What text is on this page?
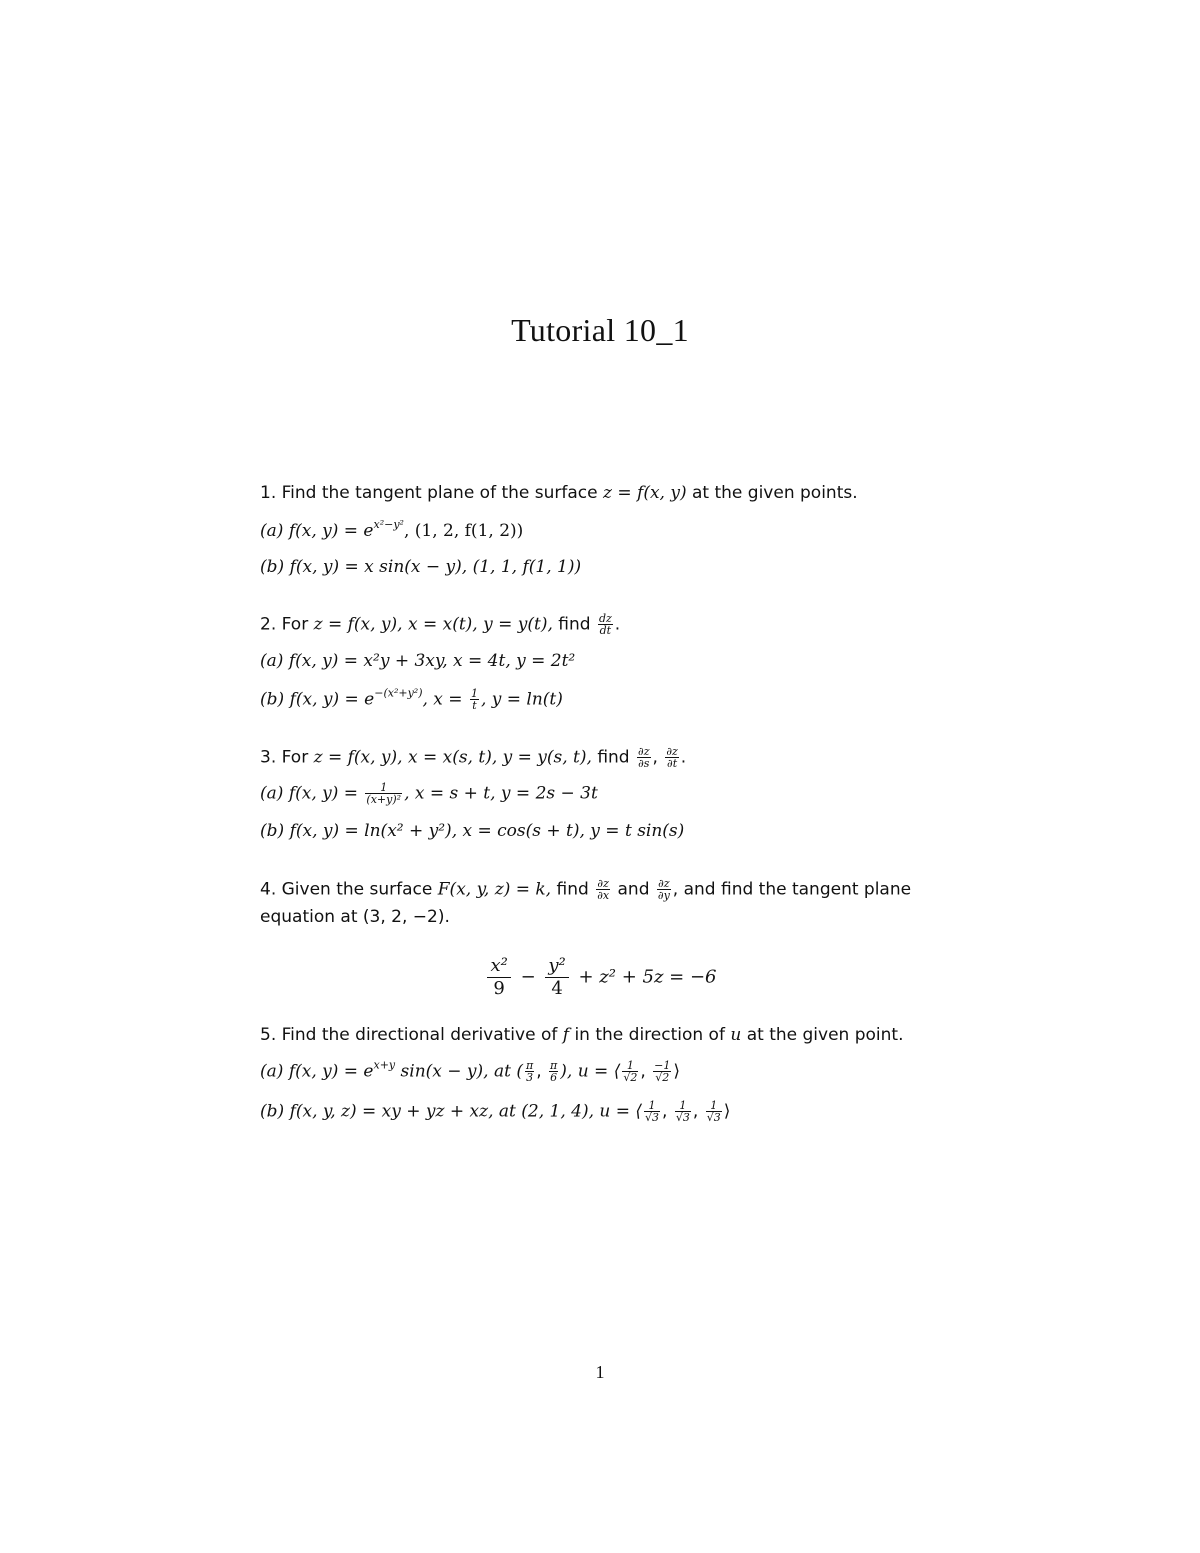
Tutorial 10_1
1. Find the tangent plane of the surface z = f(x, y) at the given points.
(a) f(x, $y) = e^{x^2-y^2}$, (1, 2, f(1, 2))
(b) f(x, y) = x sin(x − y), (1, 1, f(1, 1))
2. For z = f(x, y), x = x(t), y = y(t), find $\frac{dz}{dt}$ .
(a) f(x, y) = x²y + 3xy, x = 4t, y = 2t²
(b) f(x, $y) = e^{-(x^2+y^2)}$, $x = \frac{1}{t}$ , y = ln(t)
3. For z = f(x, y), x = x(s, t), y = y(s, t), find $\frac{\partial z}{\partial s}$ , $\frac{\partial z}{\partial t}$ .
(a) f(x, $y) = \frac{1}{\text{(x+y)²}}$ , x = s + t, y = 2s − 3t
(b) f(x, y) = ln(x² + y²), x = cos(s + t), y = t sin(s)
4. Given the surface F(x, y, z) = k, find $\frac{\partial z}{\partial x}$ and $\frac{\partial z}{\partial y}$ , and find the tangent plane
equation at (3, 2, −2).
$\frac{\text{x²}}{9} - \frac{\text{y²}}{4} + z^2 + 5z = -6$
5. Find the directional derivative of f in the direction of u at the given point.
(a) f(x, $y) = e^{x+y}$ sin(x − y), at ( $\frac{\pi}{3}$ , $\frac{\pi}{6}$ ), u = ⟨ $\frac{1}{√2}$ , $\frac{-1}{√2}$ ⟩
(b) f(x, y, z) = xy + yz + xz, at (2, 1, 4), u = ⟨ $\frac{1}{√3}$ , $\frac{1}{√3}$ , $\frac{1}{√3}$ ⟩
1
